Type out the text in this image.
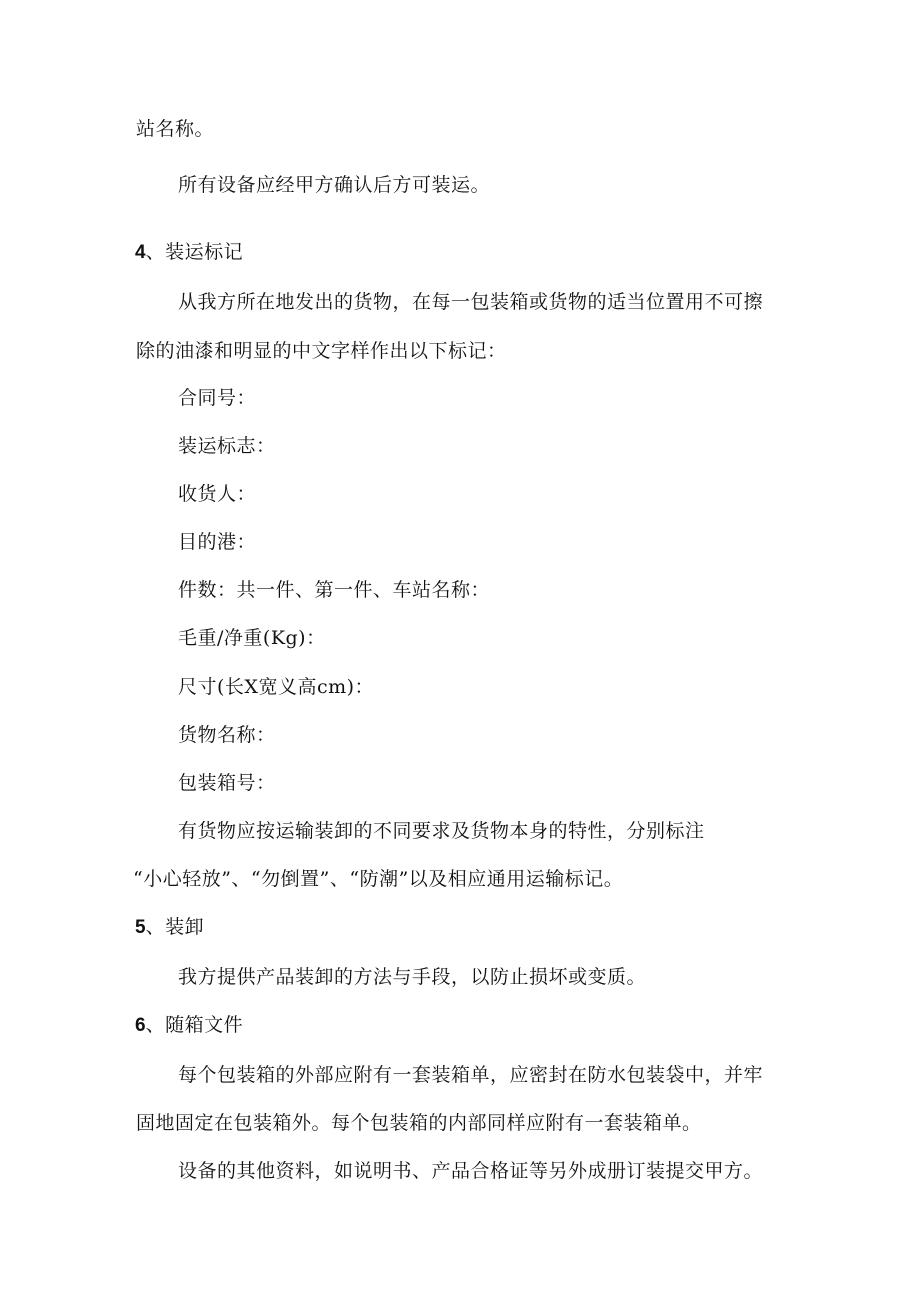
站名称。
所有设备应经甲方确认后方可装运。
4、装运标记
从我方所在地发出的货物，在每一包装箱或货物的适当位置用不可擦
除的油漆和明显的中文字样作出以下标记：
合同号：
装运标志：
收货人：
目的港：
件数：共一件、第一件、车站名称：
毛重/净重(Kg)：
尺寸(长X宽义高cm)：
货物名称：
包装箱号：
有货物应按运输装卸的不同要求及货物本身的特性，分别标注
“小心轻放”、“勿倒置”、“防潮”以及相应通用运输标记。
5、装卸
我方提供产品装卸的方法与手段，以防止损坏或变质。
6、随箱文件
每个包装箱的外部应附有一套装箱单，应密封在防水包装袋中，并牢
固地固定在包装箱外。每个包装箱的内部同样应附有一套装箱单。
设备的其他资料，如说明书、产品合格证等另外成册订装提交甲方。
